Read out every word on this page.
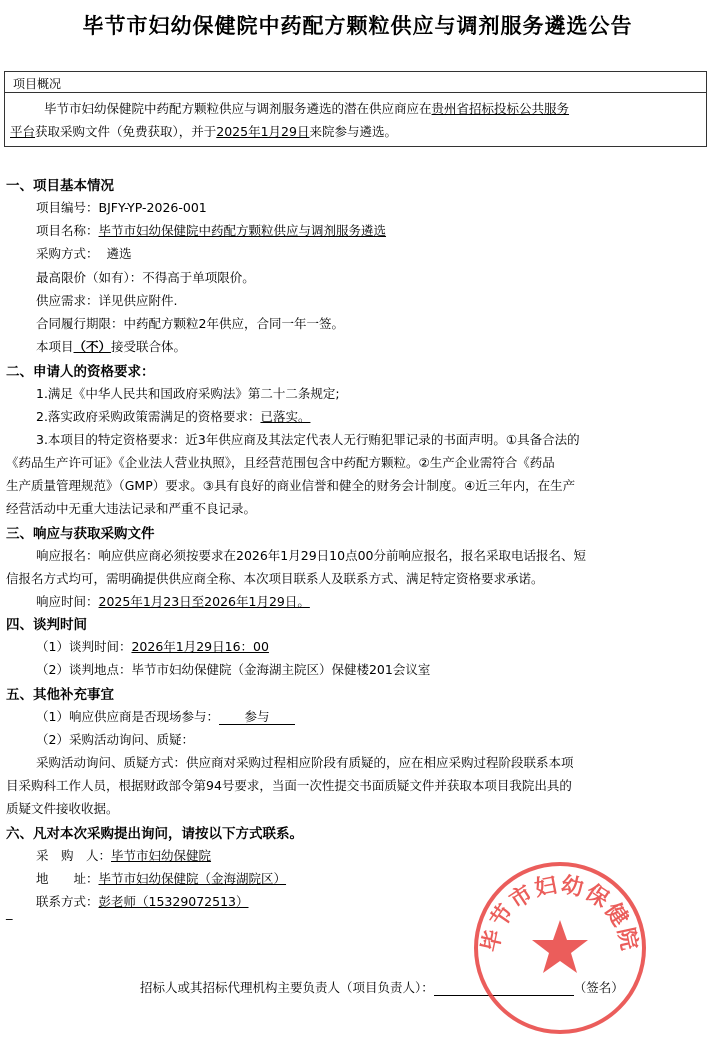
毕节市妇幼保健院中药配方颗粒供应与调剂服务遴选公告
项目概况
毕节市妇幼保健院中药配方颗粒供应与调剂服务遴选的潜在供应商应在贵州省招标投标公共服务
平台获取采购文件（免费获取），并于2025年1月29日来院参与遴选。
一、项目基本情况
项目编号：BJFY-YP-2026-001
项目名称：毕节市妇幼保健院中药配方颗粒供应与调剂服务遴选
采购方式： 遴选
最高限价（如有）：不得高于单项限价。
供应需求：详见供应附件.
合同履行期限：中药配方颗粒2年供应，合同一年一签。
本项目（不）接受联合体。
二、申请人的资格要求：
1.满足《中华人民共和国政府采购法》第二十二条规定;
2.落实政府采购政策需满足的资格要求：已落实。
3.本项目的特定资格要求：近3年供应商及其法定代表人无行贿犯罪记录的书面声明。①具备合法的
《药品生产许可证》《企业法人营业执照》，且经营范围包含中药配方颗粒。②生产企业需符合《药品
生产质量管理规范》（GMP）要求。③具有良好的商业信誉和健全的财务会计制度。④近三年内，在生产
经营活动中无重大违法记录和严重不良记录。
三、响应与获取采购文件
响应报名：响应供应商必须按要求在2026年1月29日10点00分前响应报名，报名采取电话报名、短
信报名方式均可，需明确提供供应商全称、本次项目联系人及联系方式、满足特定资格要求承诺。
响应时间：2025年1月23日至2026年1月29日。
四、谈判时间
（1）谈判时间：2026年1月29日16：00
（2）谈判地点：毕节市妇幼保健院（金海湖主院区）保健楼201会议室
五、其他补充事宜
（1）响应供应商是否现场参与： 参与
（2）采购活动询问、质疑：
采购活动询问、质疑方式：供应商对采购过程相应阶段有质疑的，应在相应采购过程阶段联系本项
目采购科工作人员，根据财政部令第94号要求，当面一次性提交书面质疑文件并获取本项目我院出具的
质疑文件接收收据。
六、凡对本次采购提出询问，请按以下方式联系。
采　购　人：毕节市妇幼保健院
地　　址：毕节市妇幼保健院（金海湖院区）
联系方式：彭老师（15329072513）
_
招标人或其招标代理机构主要负责人（项目负责人）：	（签名）
毕节市妇幼保健院
